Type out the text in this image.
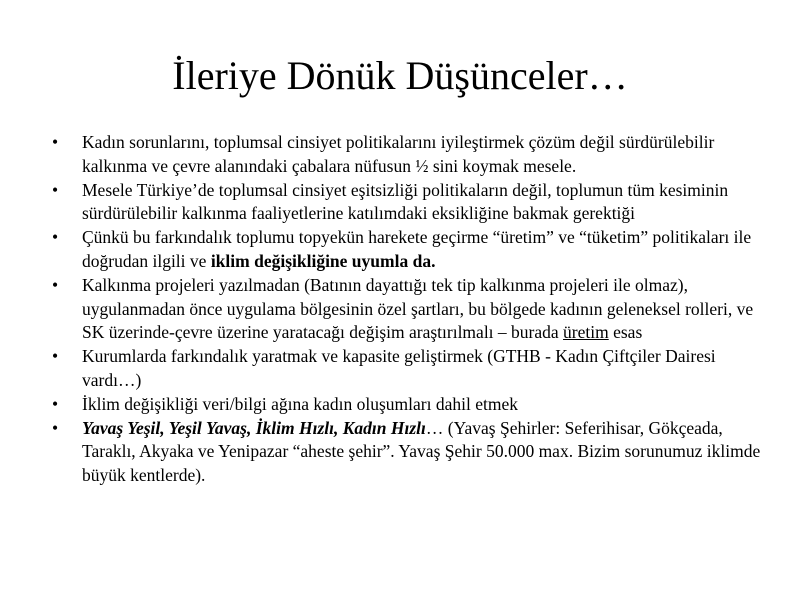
İleriye Dönük Düşünceler…
•	Kadın sorunlarını, toplumsal cinsiyet politikalarını iyileştirmek çözüm değil sürdürülebilir kalkınma ve çevre alanındaki çabalara nüfusun ½ sini koymak mesele.
•	Mesele Türkiye’de toplumsal cinsiyet eşitsizliği politikaların değil, toplumun tüm kesiminin sürdürülebilir kalkınma faaliyetlerine katılımdaki eksikliğine bakmak gerektiği
•	Çünkü bu farkındalık toplumu topyekün harekete geçirme “üretim” ve “tüketim” politikaları ile doğrudan ilgili ve iklim değişikliğine uyumla da.
•	Kalkınma projeleri yazılmadan (Batının dayattığı tek tip kalkınma projeleri ile olmaz), uygulanmadan önce uygulama bölgesinin özel şartları, bu bölgede kadının geleneksel rolleri, ve SK üzerinde-çevre üzerine yaratacağı değişim araştırılmalı – burada üretim esas
•	Kurumlarda farkındalık yaratmak ve kapasite geliştirmek (GTHB - Kadın Çiftçiler Dairesi vardı…)
•	İklim değişikliği veri/bilgi ağına kadın oluşumları dahil etmek
•	Yavaş Yeşil, Yeşil Yavaş, İklim Hızlı, Kadın Hızlı… (Yavaş Şehirler: Seferihisar, Gökçeada, Taraklı, Akyaka ve Yenipazar “aheste şehir”. Yavaş Şehir 50.000 max. Bizim sorunumuz iklimde büyük kentlerde).
